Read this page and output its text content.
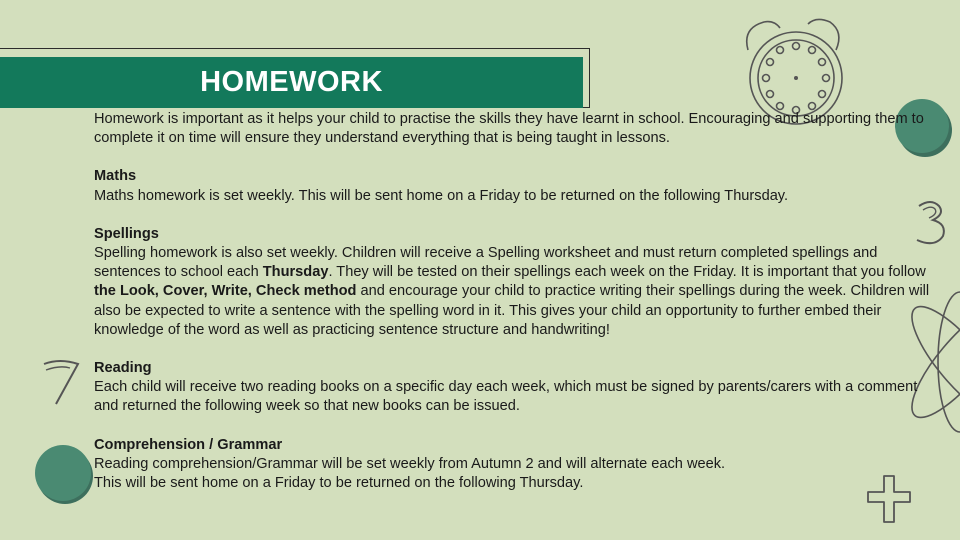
HOMEWORK

Homework is important as it helps your child to practise the skills they have learnt in school. Encouraging and supporting them to complete it on time will ensure they understand everything that is being taught in lessons.

Maths

Maths homework is set weekly. This will be sent home on a Friday to be returned on the following Thursday.

Spellings

Spelling homework is also set weekly. Children will receive a Spelling worksheet and must return completed spellings and sentences to school each Thursday. They will be tested on their spellings each week on the Friday. It is important that you follow the Look, Cover, Write, Check method and encourage your child to practice writing their spellings during the week. Children will also be expected to write a sentence with the spelling word in it. This gives your child an opportunity to further embed their knowledge of the word as well as practicing sentence structure and handwriting!

Reading

Each child will receive two reading books on a specific day each week, which must be signed by parents/carers with a comment and returned the following week so that new books can be issued.

Comprehension / Grammar

Reading comprehension/Grammar will be set weekly from Autumn 2 and will alternate each week.

This will be sent home on a Friday to be returned on the following Thursday.
